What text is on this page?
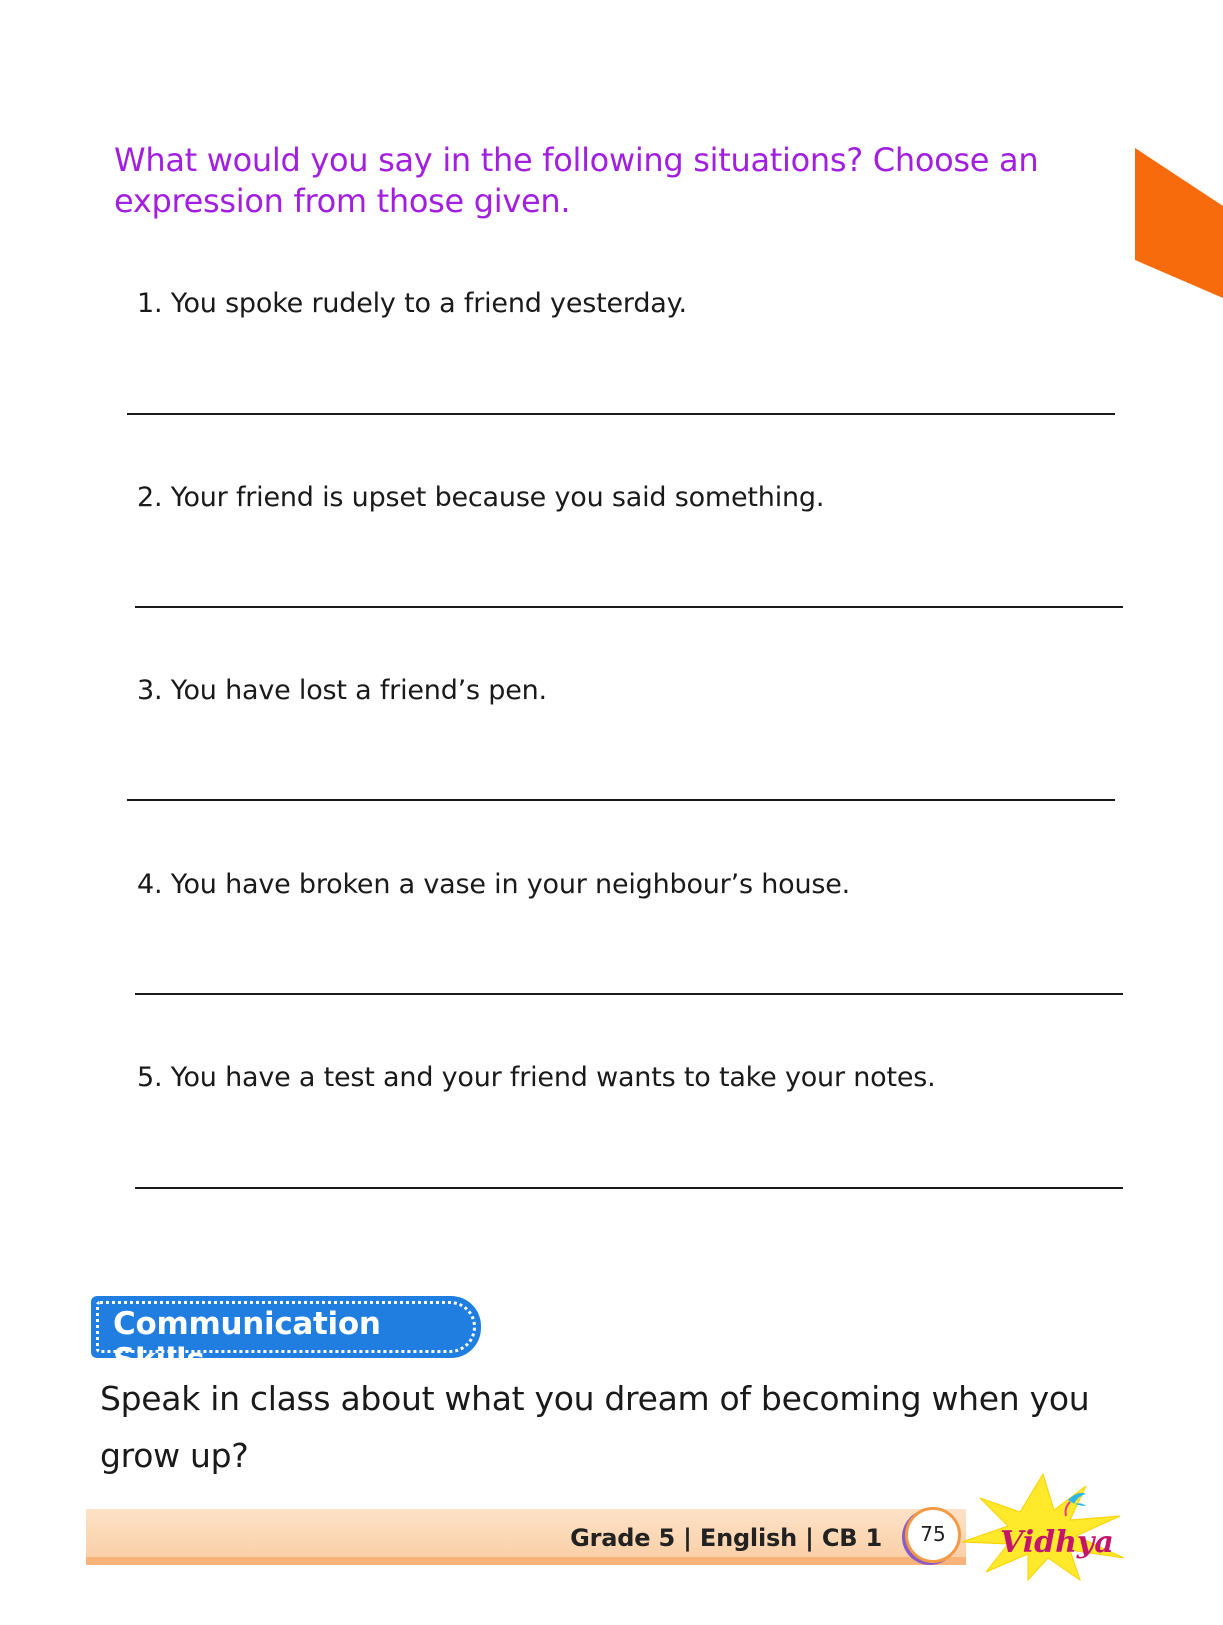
What would you say in the following situations? Choose an expression from those given.
1. You spoke rudely to a friend yesterday.
2. Your friend is upset because you said something.
3. You have lost a friend’s pen.
4. You have broken a vase in your neighbour’s house.
5. You have a test and your friend wants to take your notes.
Communication Skills
Speak in class about what you dream of becoming when you grow up?
Grade 5 | English | CB 1	75	Vidhya
